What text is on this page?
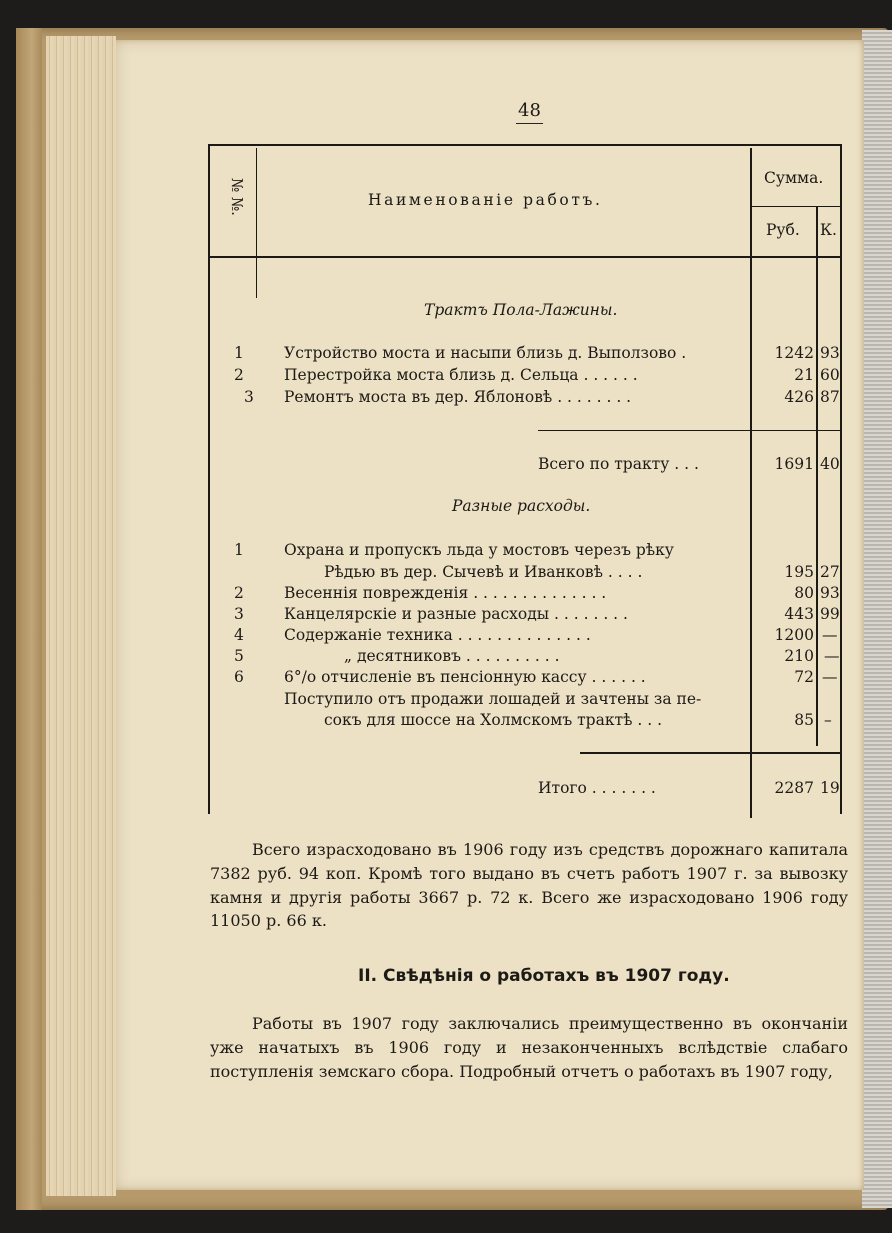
48
№ №.	Наименованіе работъ.
Сумма.
Руб. К.
Трактъ Пола-Лажины.
1	Устройство моста и насыпи близь д. Выползово .	1242 93
2	Перестройка моста близь д. Сельца . . . . . .	21 60
3 Ремонтъ моста въ дер. Яблоновѣ . . . . . . . .	426 87
Всего по тракту . . .	1691 40
Разные расходы.
1	Охрана и пропускъ льда у мостовъ черезъ рѣку
Рѣдью въ дер. Сычевѣ и Иванковѣ . . . .	195 27
2	Весеннія поврежденія . . . . . . . . . . . . . .	80 93
3	Канцелярскіе и разные расходы . . . . . . . .	443 99
4	Содержаніе техника . . . . . . . . . . . . . .	1200 —
5	„ десятниковъ . . . . . . . . . .	210 —
6	6°/о отчисленіе въ пенсіонную кассу . . . . . .	72 —
Поступило отъ продажи лошадей и зачтены за пе-
сокъ для шоссе на Холмскомъ трактѣ . . .	85 –
Итого . . . . . . .	2287 19
Всего израсходовано въ 1906 году изъ средствъ дорожнаго капитала 7382 руб. 94 коп. Кромѣ того выдано въ счетъ работъ 1907 г. за вывозку камня и другія работы 3667 р. 72 к. Всего же израсходовано 1906 году 11050 р. 66 к.
II. Свѣдѣнія о работахъ въ 1907 году.
Работы въ 1907 году заключались преимущественно въ окончаніи уже начатыхъ въ 1906 году и незаконченныхъ вслѣдствіе слабаго поступленія земскаго сбора. Подробный отчетъ о работахъ въ 1907 году,
